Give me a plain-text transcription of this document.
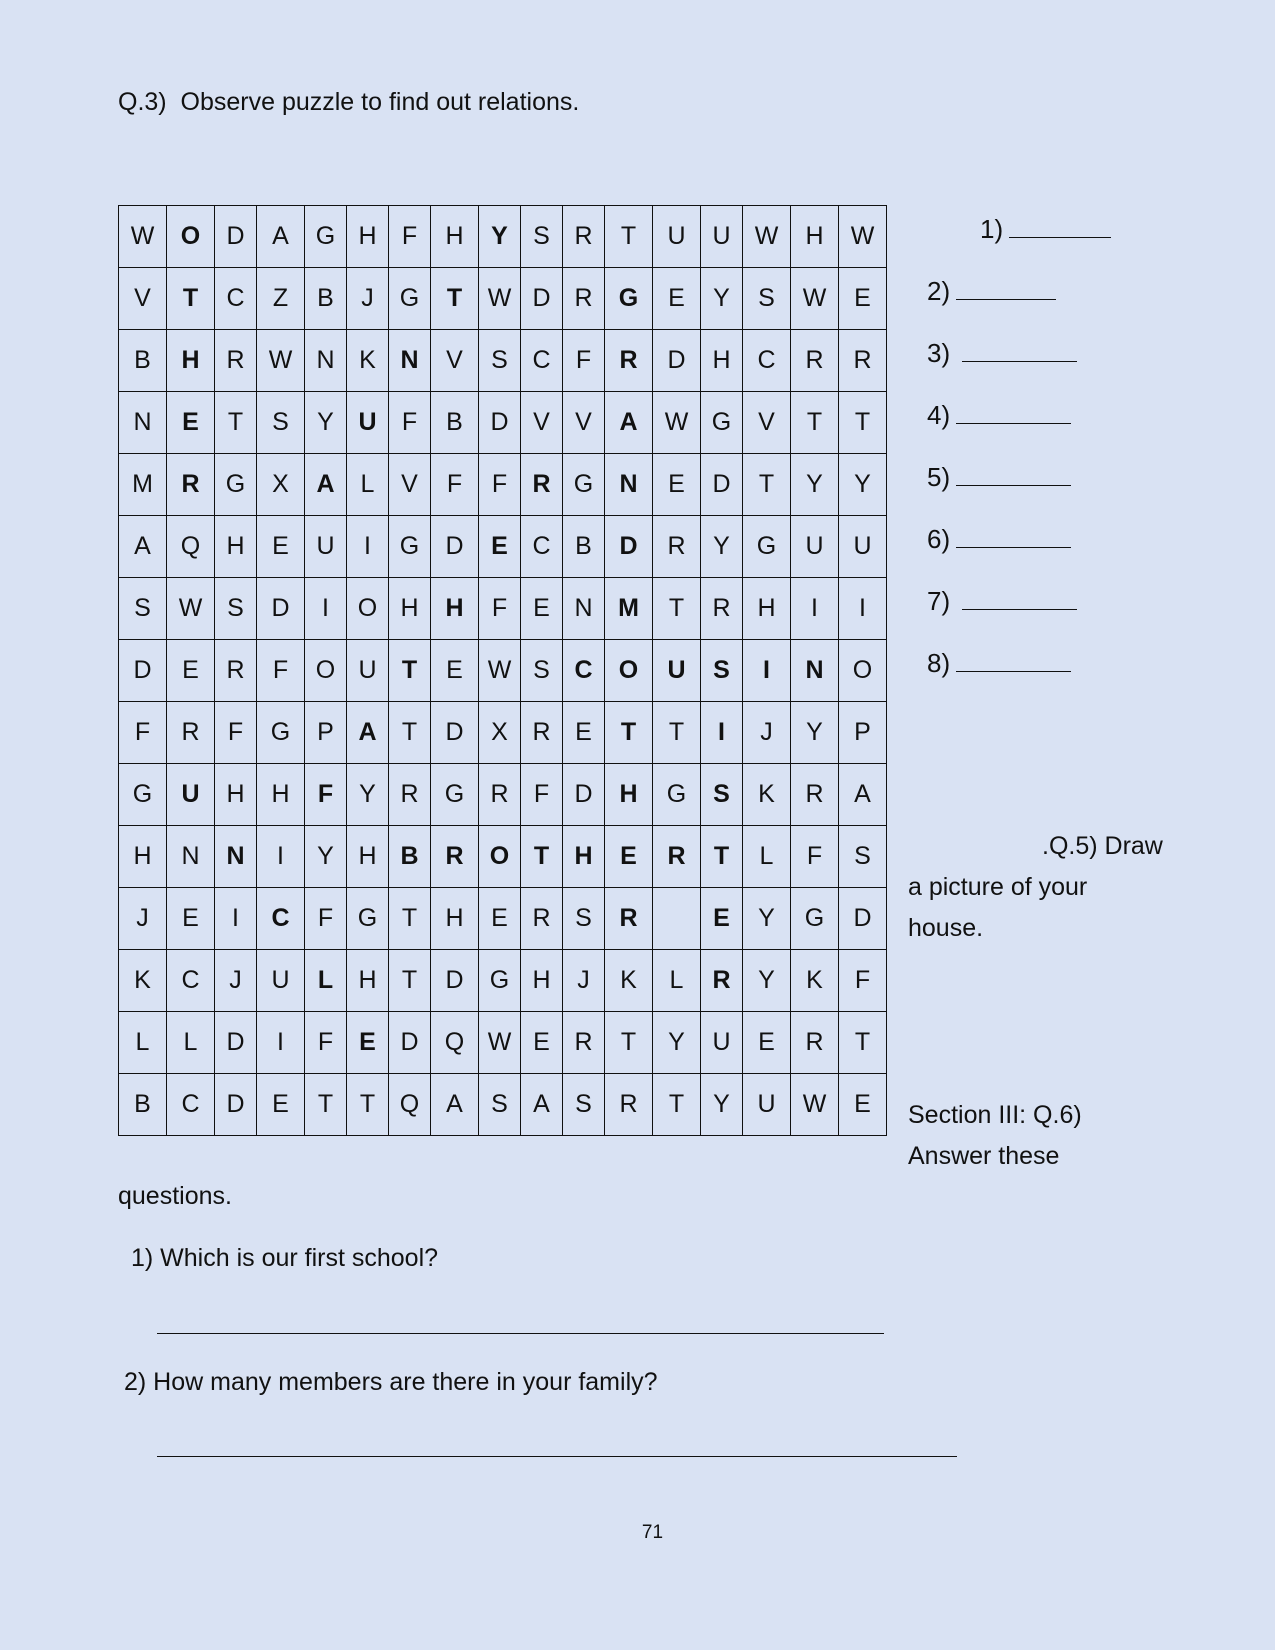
Q.3)  Observe puzzle to find out relations.
W	O	D	A	G	H	F	H	Y	S	R	T	U	U	W	H	W
V	T	C	Z	B	J	G	T	W	D	R	G	E	Y	S	W	E
B	H	R	W	N	K	N	V	S	C	F	R	D	H	C	R	R
N	E	T	S	Y	U	F	B	D	V	V	A	W	G	V	T	T
M	R	G	X	A	L	V	F	F	R	G	N	E	D	T	Y	Y
A	Q	H	E	U	I	G	D	E	C	B	D	R	Y	G	U	U
S	W	S	D	I	O	H	H	F	E	N	M	T	R	H	I	I
D	E	R	F	O	U	T	E	W	S	C	O	U	S	I	N	O
F	R	F	G	P	A	T	D	X	R	E	T	T	I	J	Y	P
G	U	H	H	F	Y	R	G	R	F	D	H	G	S	K	R	A
H	N	N	I	Y	H	B	R	O	T	H	E	R	T	L	F	S
J	E	I	C	F	G	T	H	E	R	S	R		E	Y	G	D
K	C	J	U	L	H	T	D	G	H	J	K	L	R	Y	K	F
L	L	D	I	F	E	D	Q	W	E	R	T	Y	U	E	R	T
B	C	D	E	T	T	Q	A	S	A	S	R	T	Y	U	W	E
1)
2)
3)
4)
5)
6)
7)
8)
.Q.5) Draw
a picture of your
house.
Section III: Q.6)
Answer these
questions.
1) Which is our first school?
2) How many members are there in your family?
71
